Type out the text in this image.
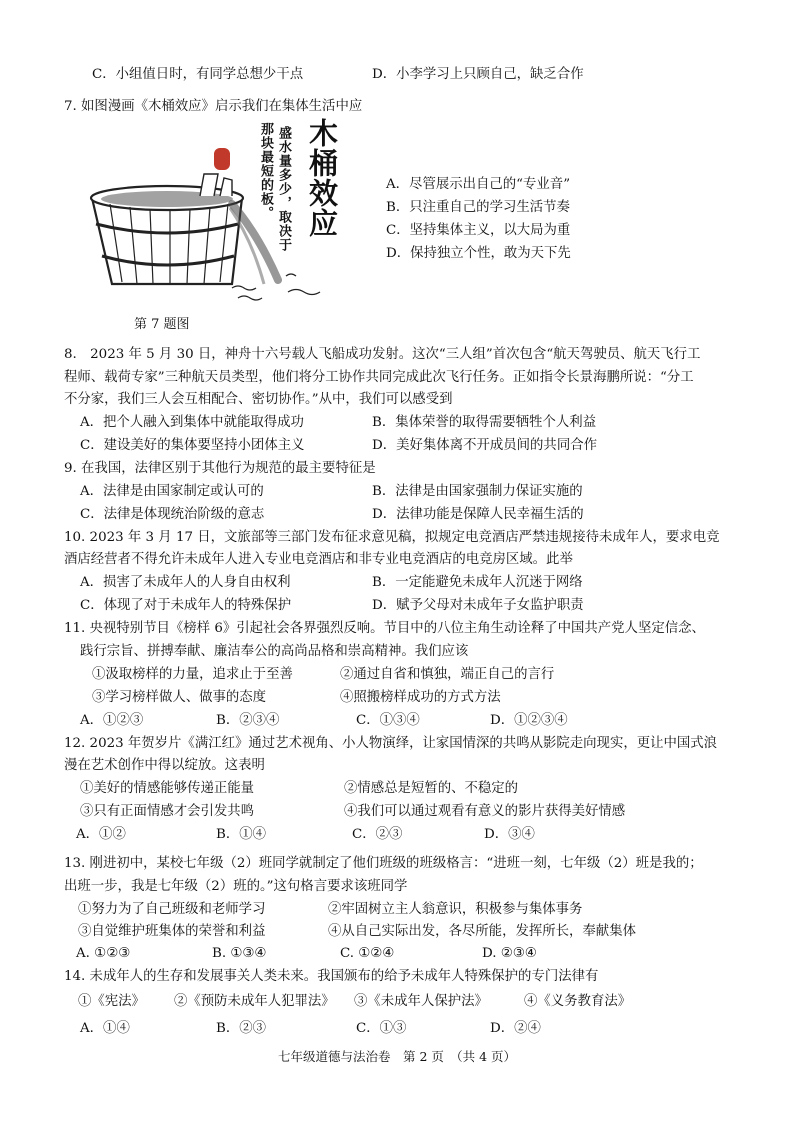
C．小组值日时，有同学总想少干点	D．小李学习上只顾自己，缺乏合作
7. 如图漫画《木桶效应》启示我们在集体生活中应
木桶效应
盛水量多少，取决于
那块最短的板。	A．尽管展示出自己的“专业音”
B．只注重自己的学习生活节奏
C．坚持集体主义，以大局为重
D．保持独立个性，敢为天下先
第 7 题图
8.　2023 年 5 月 30 日，神舟十六号载人飞船成功发射。这次“三人组”首次包含“航天驾驶员、航天飞行工
程师、载荷专家”三种航天员类型，他们将分工协作共同完成此次飞行任务。正如指令长景海鹏所说：“分工
不分家，我们三人会互相配合、密切协作。”从中，我们可以感受到
A．把个人融入到集体中就能取得成功	B．集体荣誉的取得需要牺牲个人利益
C．建设美好的集体要坚持小团体主义	D．美好集体离不开成员间的共同合作
9. 在我国，法律区别于其他行为规范的最主要特征是
A．法律是由国家制定或认可的	B．法律是由国家强制力保证实施的
C．法律是体现统治阶级的意志	D．法律功能是保障人民幸福生活的
10. 2023 年 3 月 17 日，文旅部等三部门发布征求意见稿，拟规定电竞酒店严禁违规接待未成年人，要求电竞
酒店经营者不得允许未成年人进入专业电竞酒店和非专业电竞酒店的电竞房区域。此举
A．损害了未成年人的人身自由权利	B．一定能避免未成年人沉迷于网络
C．体现了对于未成年人的特殊保护	D．赋予父母对未成年子女监护职责
11. 央视特别节目《榜样 6》引起社会各界强烈反响。节目中的八位主角生动诠释了中国共产党人坚定信念、
践行宗旨、拼搏奉献、廉洁奉公的高尚品格和崇高精神。我们应该
①汲取榜样的力量，追求止于至善	②通过自省和慎独，端正自己的言行
③学习榜样做人、做事的态度	④照搬榜样成功的方式方法
A．①②③	B．②③④	C．①③④	D．①②③④
12. 2023 年贺岁片《满江红》通过艺术视角、小人物演绎，让家国情深的共鸣从影院走向现实，更让中国式浪
漫在艺术创作中得以绽放。这表明
①美好的情感能够传递正能量	②情感总是短暂的、不稳定的
③只有正面情感才会引发共鸣	④我们可以通过观看有意义的影片获得美好情感
A．①②	B．①④	C．②③	D．③④
13. 刚进初中，某校七年级（2）班同学就制定了他们班级的班级格言：“进班一刻，七年级（2）班是我的；
出班一步，我是七年级（2）班的。”这句格言要求该班同学
①努力为了自己班级和老师学习	②牢固树立主人翁意识，积极参与集体事务
③自觉维护班集体的荣誉和利益	④从自己实际出发，各尽所能，发挥所长，奉献集体
A. ①②③	B. ①③④	C. ①②④	D. ②③④
14. 未成年人的生存和发展事关人类未来。我国颁布的给予未成年人特殊保护的专门法律有
①《宪法》 ②《预防未成年人犯罪法》 ③《未成年人保护法》	④《义务教育法》
A．①④	B．②③	C．①③	D．②④
七年级道德与法治卷　第 2 页　（共 4 页）
